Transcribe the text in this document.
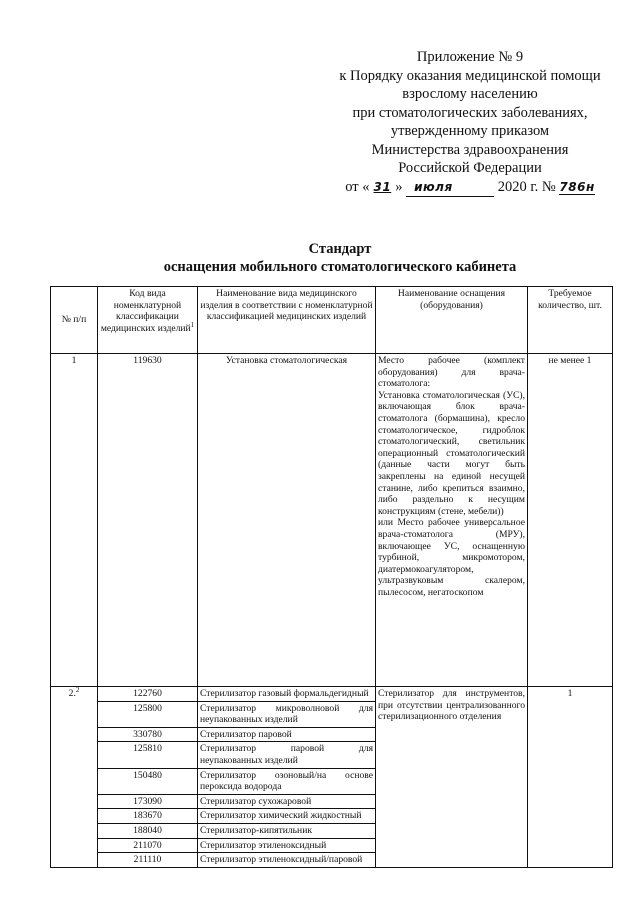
Приложение № 9
к Порядку оказания медицинской помощи
взрослому населению
при стоматологических заболеваниях,
утвержденному приказом
Министерства здравоохранения
Российской Федерации
от « 31 » июля	2020 г. № 786н
Стандарт
оснащения мобильного стоматологического кабинета
№ п/п	Код вида номенклатурной классификации медицинских изделий$^1$	Наименование вида медицинского изделия в соответствии с номенклатурной классификацией медицинских изделий	Наименование оснащения (оборудования)	Требуемое количество, шт.
1	119630	Установка стоматологическая	Место рабочее (комплект оборудования) для врача-стоматолога:
Установка стоматологическая (УС), включающая блок врача-стоматолога (бормашина), кресло стоматологическое, гидроблок стоматологический, светильник операционный стоматологический (данные части могут быть закреплены на единой несущей станине, либо крепиться взаимно, либо раздельно к несущим конструкциям (стене, мебели))
или Место рабочее универсальное врача-стоматолога (МРУ), включающее УС, оснащенную турбиной, микромотором, диатермокоагулятором, ультразвуковым скалером, пылесосом, негатоскопом	не менее 1
2.$^2$	122760	Стерилизатор газовый формальдегидный	Стерилизатор для инструментов, при отсутствии централизованного стерилизационного отделения	1
	125800	Стерилизатор микроволновой для неупакованных изделий		
	330780	Стерилизатор паровой		
	125810	Стерилизатор паровой для неупакованных изделий		
	150480	Стерилизатор озоновый/на основе пероксида водорода		
	173090	Стерилизатор сухожаровой		
	183670	Стерилизатор химический жидкостный		
	188040	Стерилизатор-кипятильник		
	211070	Стерилизатор этиленоксидный		
	211110	Стерилизатор этиленоксидный/паровой		
